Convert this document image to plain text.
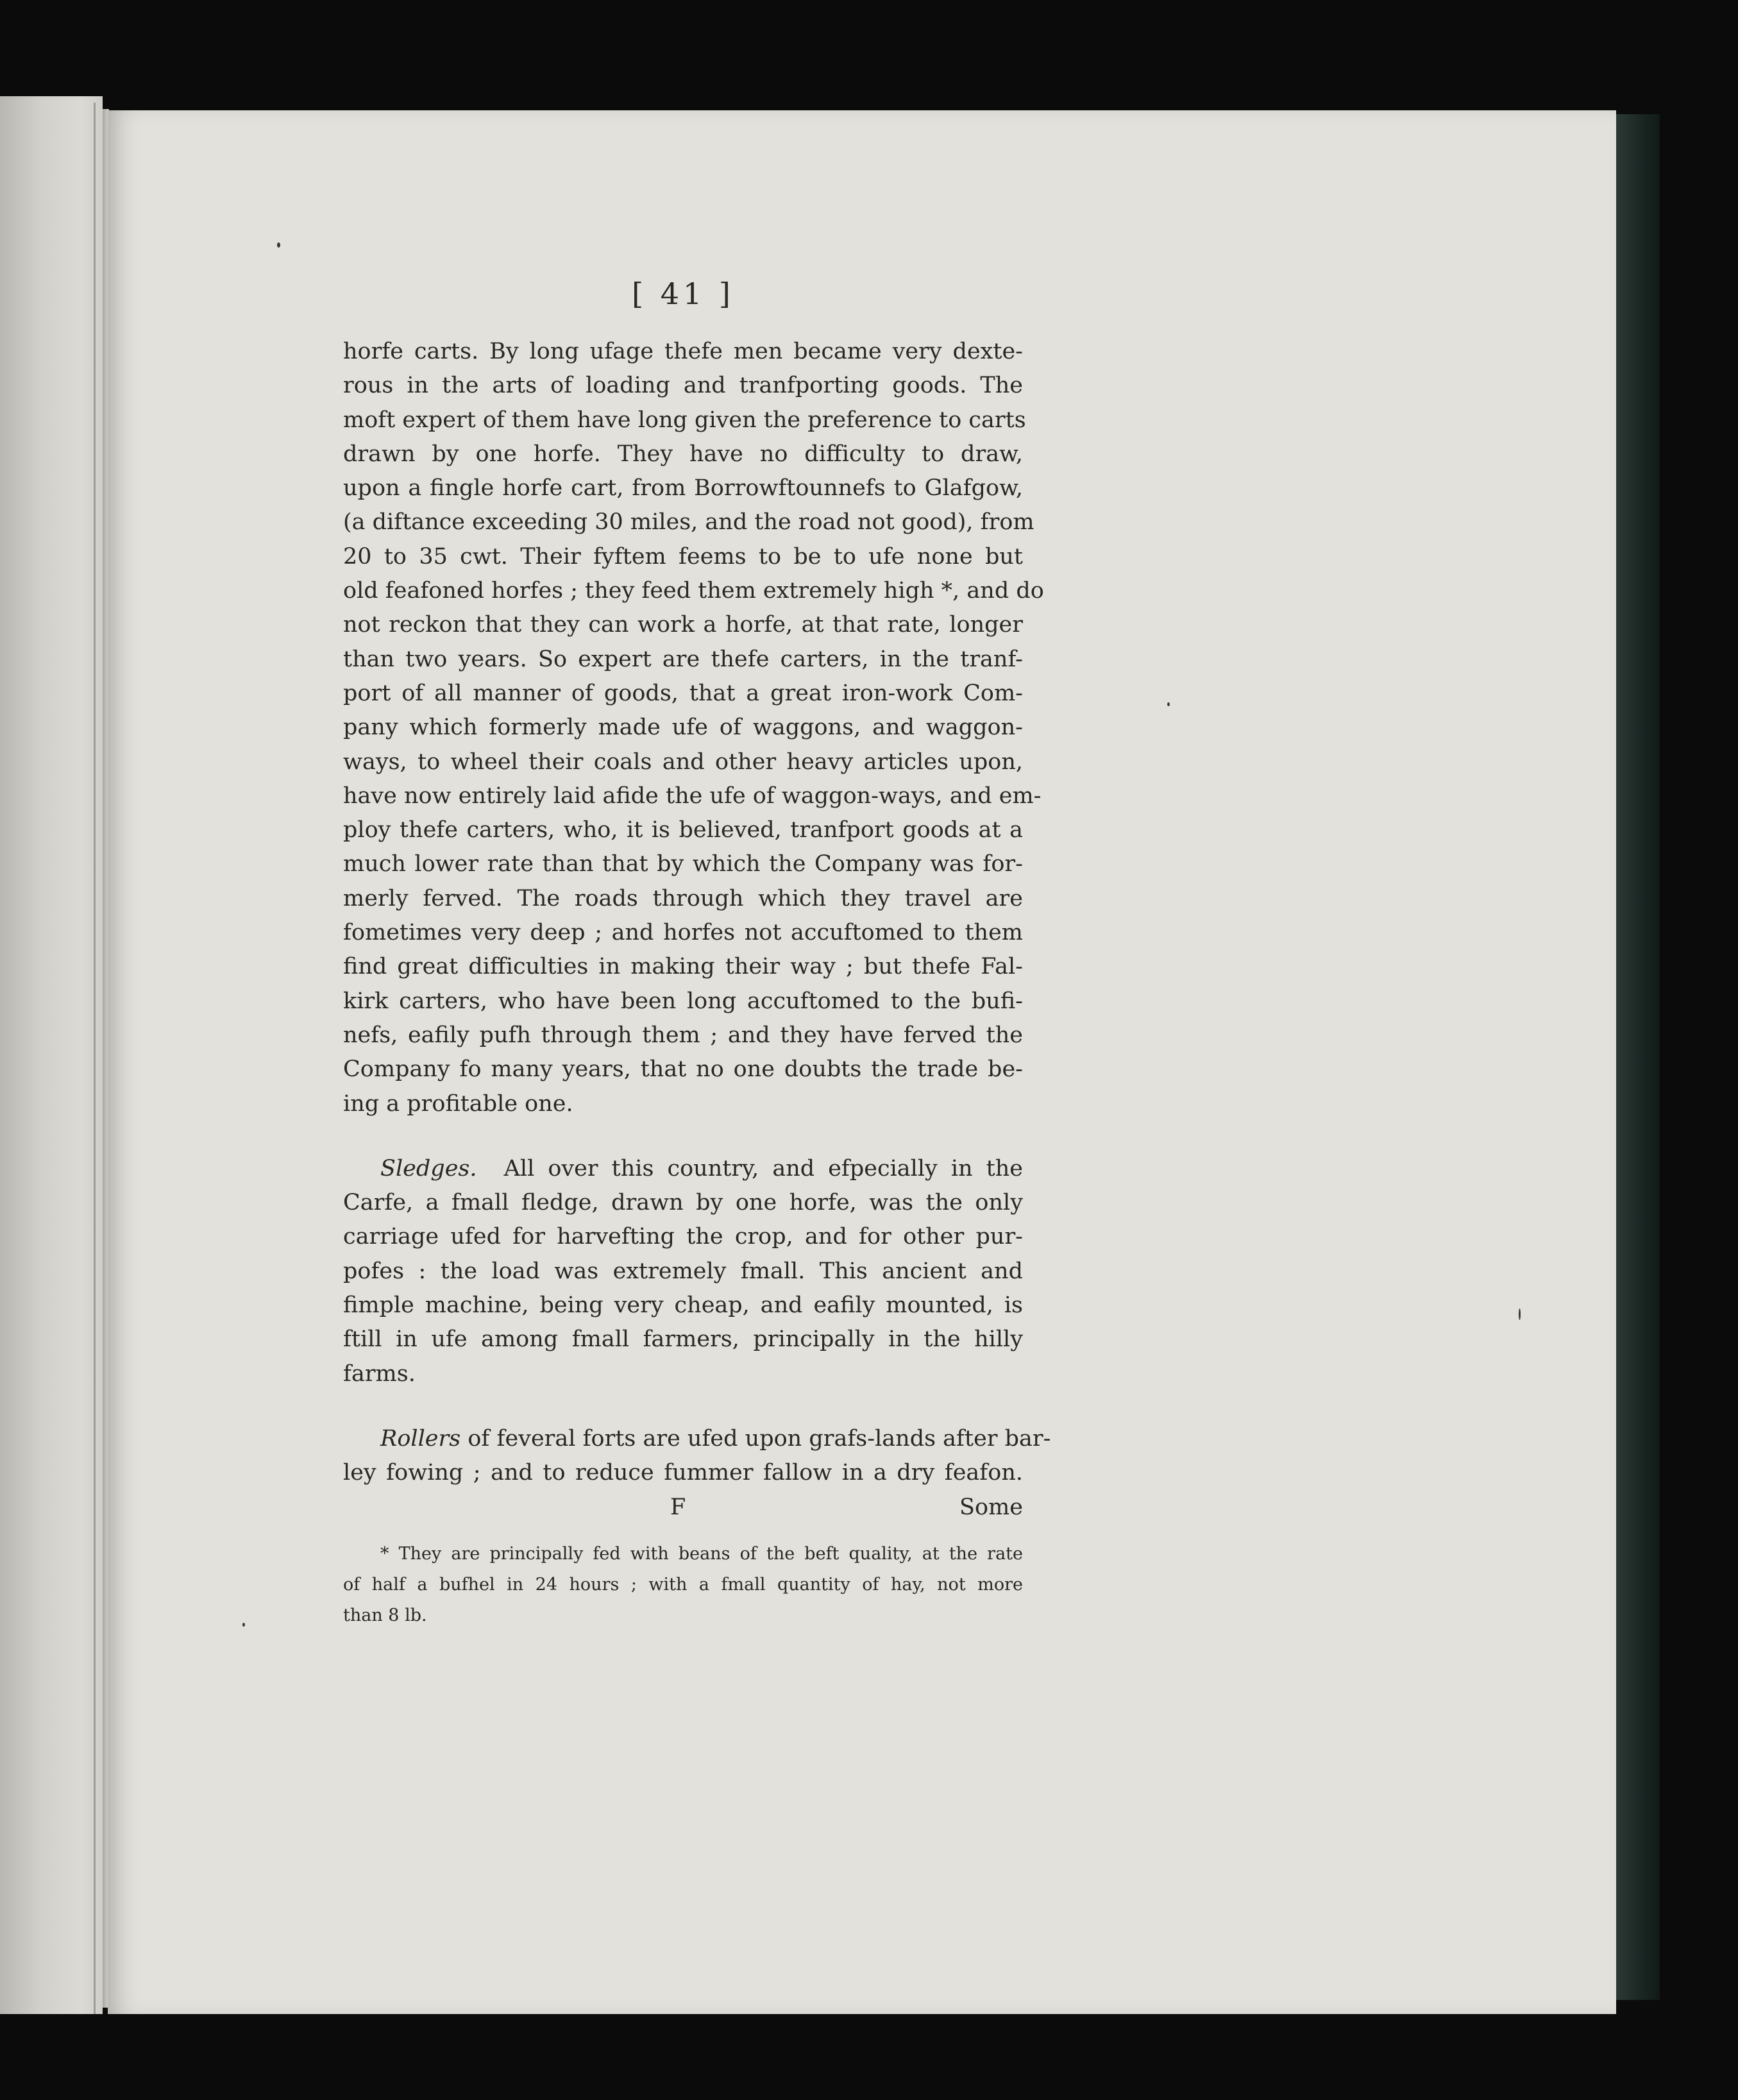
[ 41 ]
horfe carts. By long ufage thefe men became very dexte-
rous in the arts of loading and tranfporting goods. The
moft expert of them have long given the preference to carts
drawn by one horfe. They have no difficulty to draw,
upon a fingle horfe cart, from Borrowftounnefs to Glafgow,
(a diftance exceeding 30 miles, and the road not good), from
20 to 35 cwt. Their fyftem feems to be to ufe none but
old feafoned horfes ; they feed them extremely high *, and do
not reckon that they can work a horfe, at that rate, longer
than two years. So expert are thefe carters, in the tranf-
port of all manner of goods, that a great iron-work Com-
pany which formerly made ufe of waggons, and waggon-
ways, to wheel their coals and other heavy articles upon,
have now entirely laid afide the ufe of waggon-ways, and em-
ploy thefe carters, who, it is believed, tranfport goods at a
much lower rate than that by which the Company was for-
merly ferved. The roads through which they travel are
fometimes very deep ; and horfes not accuftomed to them
find great difficulties in making their way ; but thefe Fal-
kirk carters, who have been long accuftomed to the bufi-
nefs, eafily pufh through them ; and they have ferved the
Company fo many years, that no one doubts the trade be-
ing a profitable one.
Sledges. All over this country, and efpecially in the
Carfe, a fmall fledge, drawn by one horfe, was the only
carriage ufed for harvefting the crop, and for other pur-
pofes : the load was extremely fmall. This ancient and
fimple machine, being very cheap, and eafily mounted, is
ftill in ufe among fmall farmers, principally in the hilly
farms.
Rollers of feveral forts are ufed upon grafs-lands after bar-
ley fowing ; and to reduce fummer fallow in a dry feafon.
F	Some
* They are principally fed with beans of the beft quality, at the rate
of half a bufhel in 24 hours ; with a fmall quantity of hay, not more
than 8 lb.
